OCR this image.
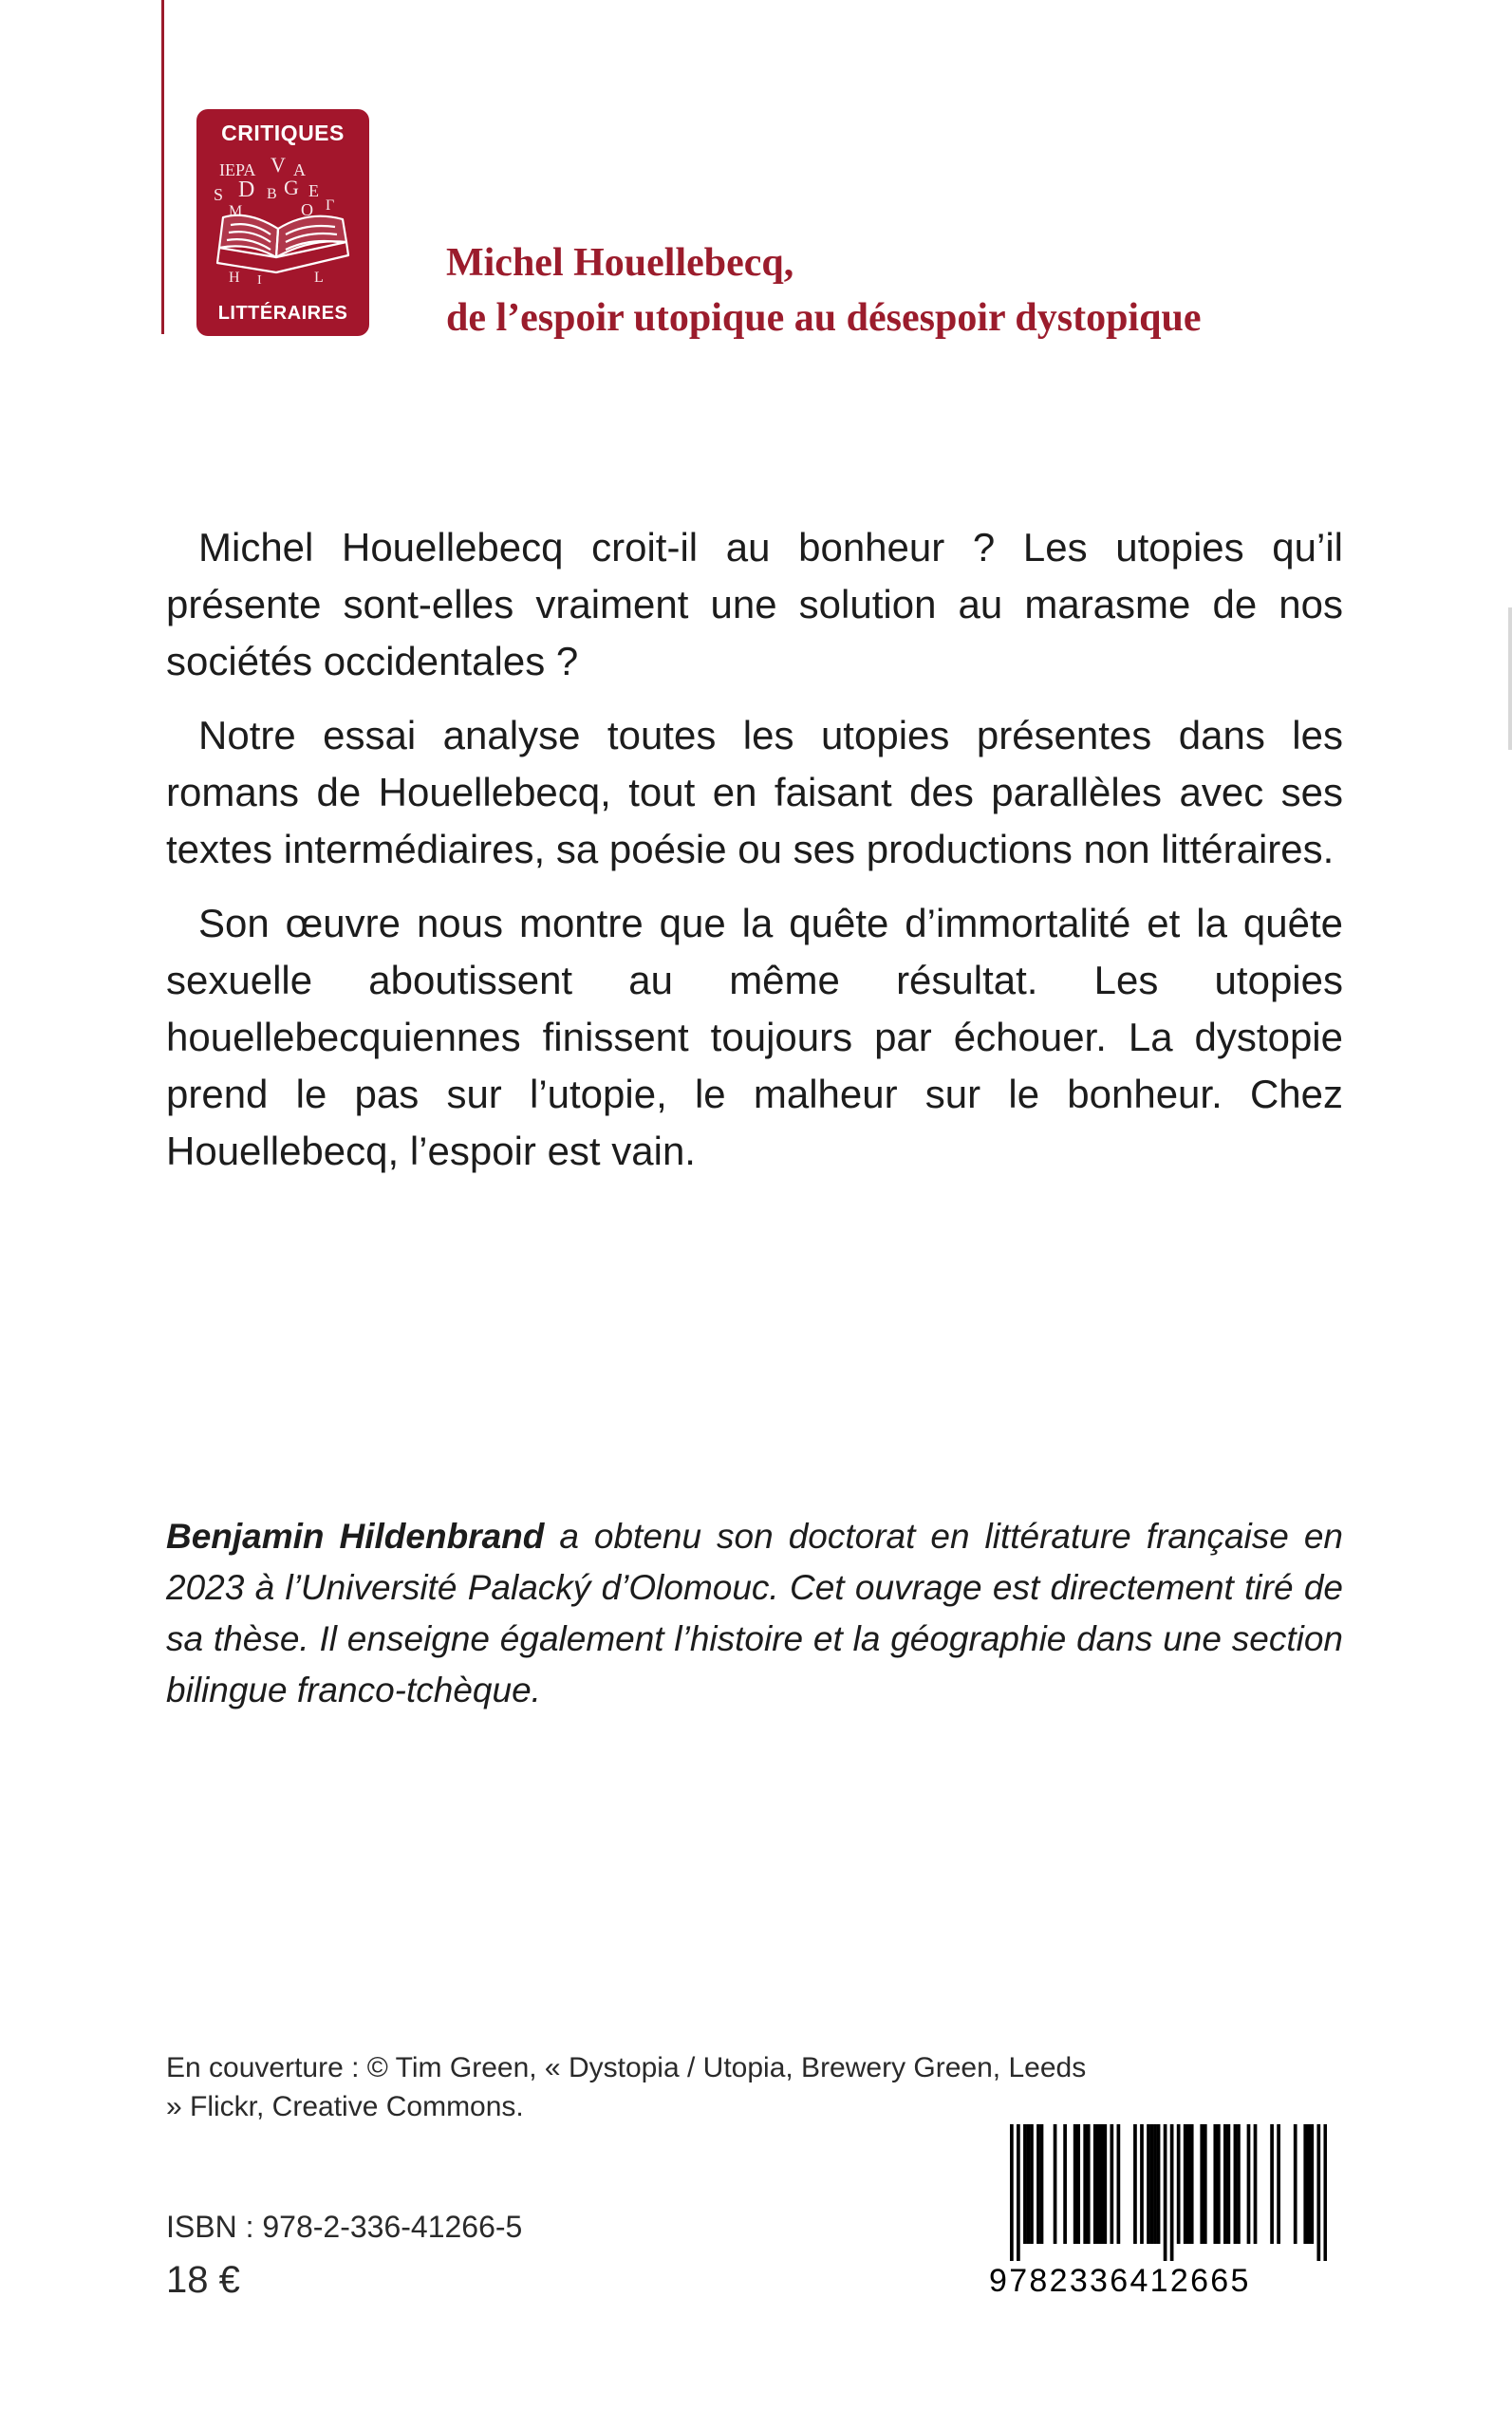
CRITIQUES
IEPA V A
S D B G E
M	O Γ
H I	L
LITTÉRAIRES
Michel Houellebecq,
de l’espoir utopique au désespoir dystopique

Michel Houellebecq croit-il au bonheur ? Les utopies qu’il présente sont-elles vraiment une solution au marasme de nos sociétés occidentales ?

Notre essai analyse toutes les utopies présentes dans les romans de Houellebecq, tout en faisant des parallèles avec ses textes intermédiaires, sa poésie ou ses productions non littéraires.

Son œuvre nous montre que la quête d’immortalité et la quête sexuelle aboutissent au même résultat. Les utopies houellebecquiennes finissent toujours par échouer. La dystopie prend le pas sur l’utopie, le malheur sur le bonheur. Chez Houellebecq, l’espoir est vain.

Benjamin Hildenbrand a obtenu son doctorat en littérature française en 2023 à l’Université Palacký d’Olomouc. Cet ouvrage est directement tiré de sa thèse. Il enseigne également l’histoire et la géographie dans une section bilingue franco-tchèque.

En couverture : © Tim Green, « Dystopia / Utopia, Brewery Green, Leeds » Flickr, Creative Commons.

ISBN : 978-2-336-41266-5

18 €	9782336412665
